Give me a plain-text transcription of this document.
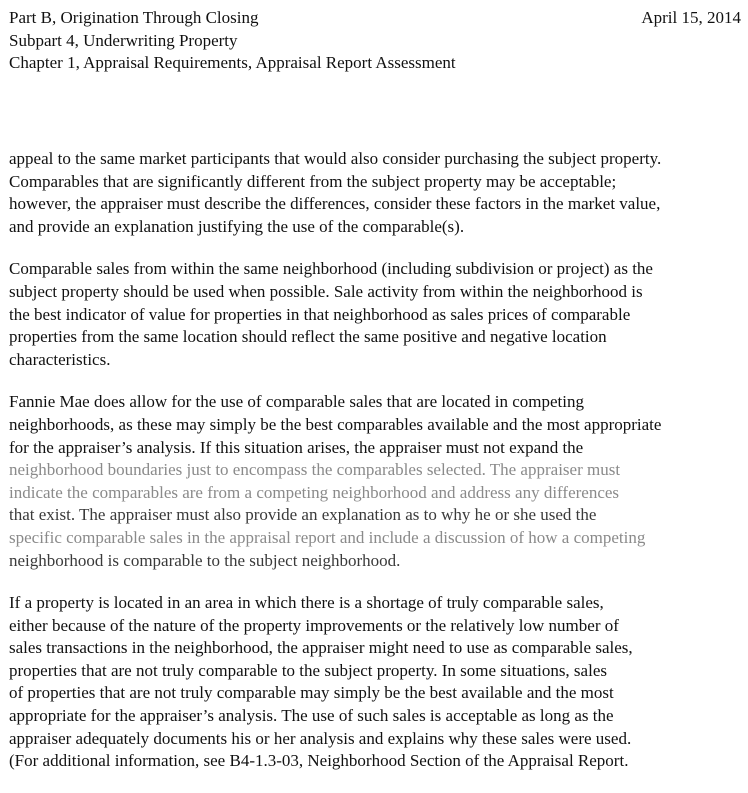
Part B, Origination Through Closing
Subpart 4, Underwriting Property
Chapter 1, Appraisal Requirements, Appraisal Report Assessment
April 15, 2014

appeal to the same market participants that would also consider purchasing the subject property.
Comparables that are significantly different from the subject property may be acceptable;
however, the appraiser must describe the differences, consider these factors in the market value,
and provide an explanation justifying the use of the comparable(s).

Comparable sales from within the same neighborhood (including subdivision or project) as the
subject property should be used when possible. Sale activity from within the neighborhood is
the best indicator of value for properties in that neighborhood as sales prices of comparable
properties from the same location should reflect the same positive and negative location
characteristics.

Fannie Mae does allow for the use of comparable sales that are located in competing
neighborhoods, as these may simply be the best comparables available and the most appropriate
for the appraiser’s analysis. If this situation arises, the appraiser must not expand the
neighborhood boundaries just to encompass the comparables selected. The appraiser must
indicate the comparables are from a competing neighborhood and address any differences
that exist. The appraiser must also provide an explanation as to why he or she used the
specific comparable sales in the appraisal report and include a discussion of how a competing
neighborhood is comparable to the subject neighborhood.

If a property is located in an area in which there is a shortage of truly comparable sales,
either because of the nature of the property improvements or the relatively low number of
sales transactions in the neighborhood, the appraiser might need to use as comparable sales,
properties that are not truly comparable to the subject property. In some situations, sales
of properties that are not truly comparable may simply be the best available and the most
appropriate for the appraiser’s analysis. The use of such sales is acceptable as long as the
appraiser adequately documents his or her analysis and explains why these sales were used.
(For additional information, see B4-1.3-03, Neighborhood Section of the Appraisal Report.
